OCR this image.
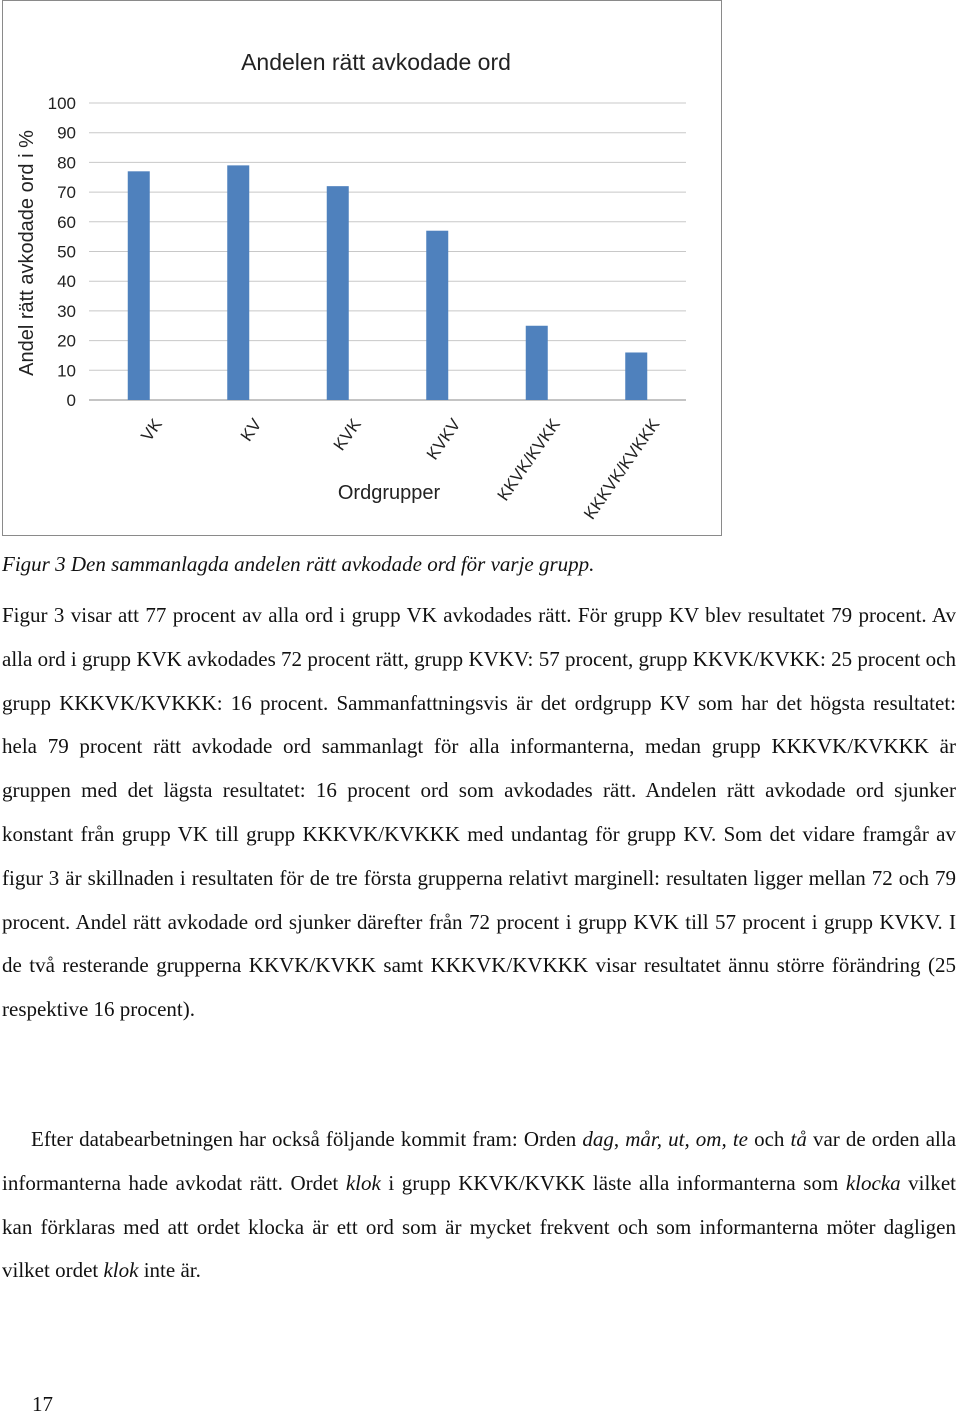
0
10
20
30
40
50
60
70
80
90
100
VK	KV	KVK	KVKV KKVK/KVKK KKKVK/KVKKK
Andelen rätt avkodade ord
Andel rätt avkodade ord i %
Ordgrupper
Figur 3 Den sammanlagda andelen rätt avkodade ord för varje grupp.

Figur 3 visar att 77 procent av alla ord i grupp VK avkodades rätt. För grupp KV blev resultatet 79 procent. Av alla ord i grupp KVK avkodades 72 procent rätt, grupp KVKV: 57 procent, grupp KKVK/KVKK: 25 procent och grupp KKKVK/KVKKK: 16 procent. Sammanfattningsvis är det ordgrupp KV som har det högsta resultatet: hela 79 procent rätt avkodade ord sammanlagt för alla informanterna, medan grupp KKKVK/KVKKK är gruppen med det lägsta resultatet: 16 procent ord som avkodades rätt. Andelen rätt avkodade ord sjunker konstant från grupp VK till grupp KKKVK/KVKKK med undantag för grupp KV. Som det vidare framgår av figur 3 är skillnaden i resultaten för de tre första grupperna relativt marginell: resultaten ligger mellan 72 och 79 procent. Andel rätt avkodade ord sjunker därefter från 72 procent i grupp KVK till 57 procent i grupp KVKV. I de två resterande grupperna KKVK/KVKK samt KKKVK/KVKKK visar resultatet ännu större förändring (25 respektive 16 procent).

Efter databearbetningen har också följande kommit fram: Orden dag, mår, ut, om, te och tå var de orden alla informanterna hade avkodat rätt. Ordet klok i grupp KKVK/KVKK läste alla informanterna som klocka vilket kan förklaras med att ordet klocka är ett ord som är mycket frekvent och som informanterna möter dagligen vilket ordet klok inte är.

17
